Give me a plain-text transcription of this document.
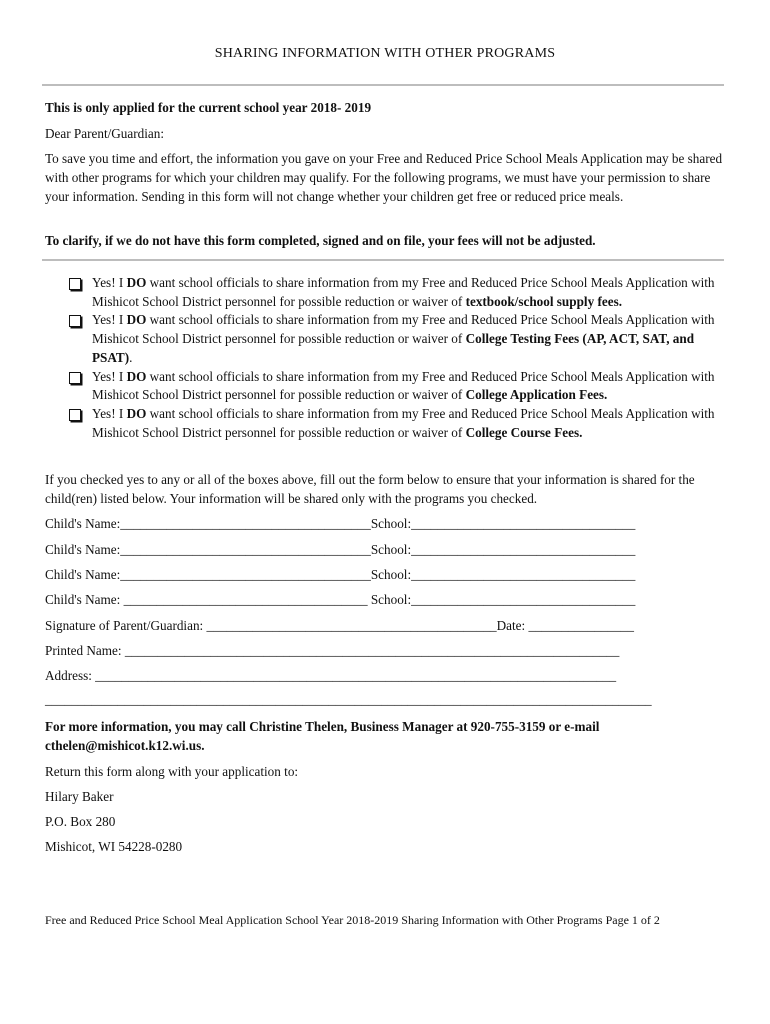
SHARING INFORMATION WITH OTHER PROGRAMS
This is only applied for the current school year 2018- 2019
Dear Parent/Guardian:
To save you time and effort, the information you gave on your Free and Reduced Price School Meals Application may be shared with other programs for which your children may qualify. For the following programs, we must have your permission to share your information. Sending in this form will not change whether your children get free or reduced price meals.
To clarify, if we do not have this form completed, signed and on file, your fees will not be adjusted.
Yes! I DO want school officials to share information from my Free and Reduced Price School Meals Application with Mishicot School District personnel for possible reduction or waiver of textbook/school supply fees.
Yes! I DO want school officials to share information from my Free and Reduced Price School Meals Application with Mishicot School District personnel for possible reduction or waiver of College Testing Fees (AP, ACT, SAT, and PSAT).
Yes! I DO want school officials to share information from my Free and Reduced Price School Meals Application with Mishicot School District personnel for possible reduction or waiver of College Application Fees.
Yes! I DO want school officials to share information from my Free and Reduced Price School Meals Application with Mishicot School District personnel for possible reduction or waiver of College Course Fees.
If you checked yes to any or all of the boxes above, fill out the form below to ensure that your information is shared for the child(ren) listed below. Your information will be shared only with the programs you checked.
Child's Name:______________________________________School:__________________________________
Child's Name:______________________________________School:__________________________________
Child's Name:______________________________________School:__________________________________
Child's Name: _____________________________________ School:__________________________________
Signature of Parent/Guardian: ____________________________________________Date: ________________
Printed Name: ___________________________________________________________________________
Address: _______________________________________________________________________________
____________________________________________________________________________________________
For more information, you may call Christine Thelen, Business Manager at 920-755-3159 or e-mail cthelen@mishicot.k12.wi.us.
Return this form along with your application to:
Hilary Baker
P.O. Box 280
Mishicot, WI 54228-0280
Free and Reduced Price School Meal Application School Year 2018-2019 Sharing Information with Other Programs Page 1 of 2
